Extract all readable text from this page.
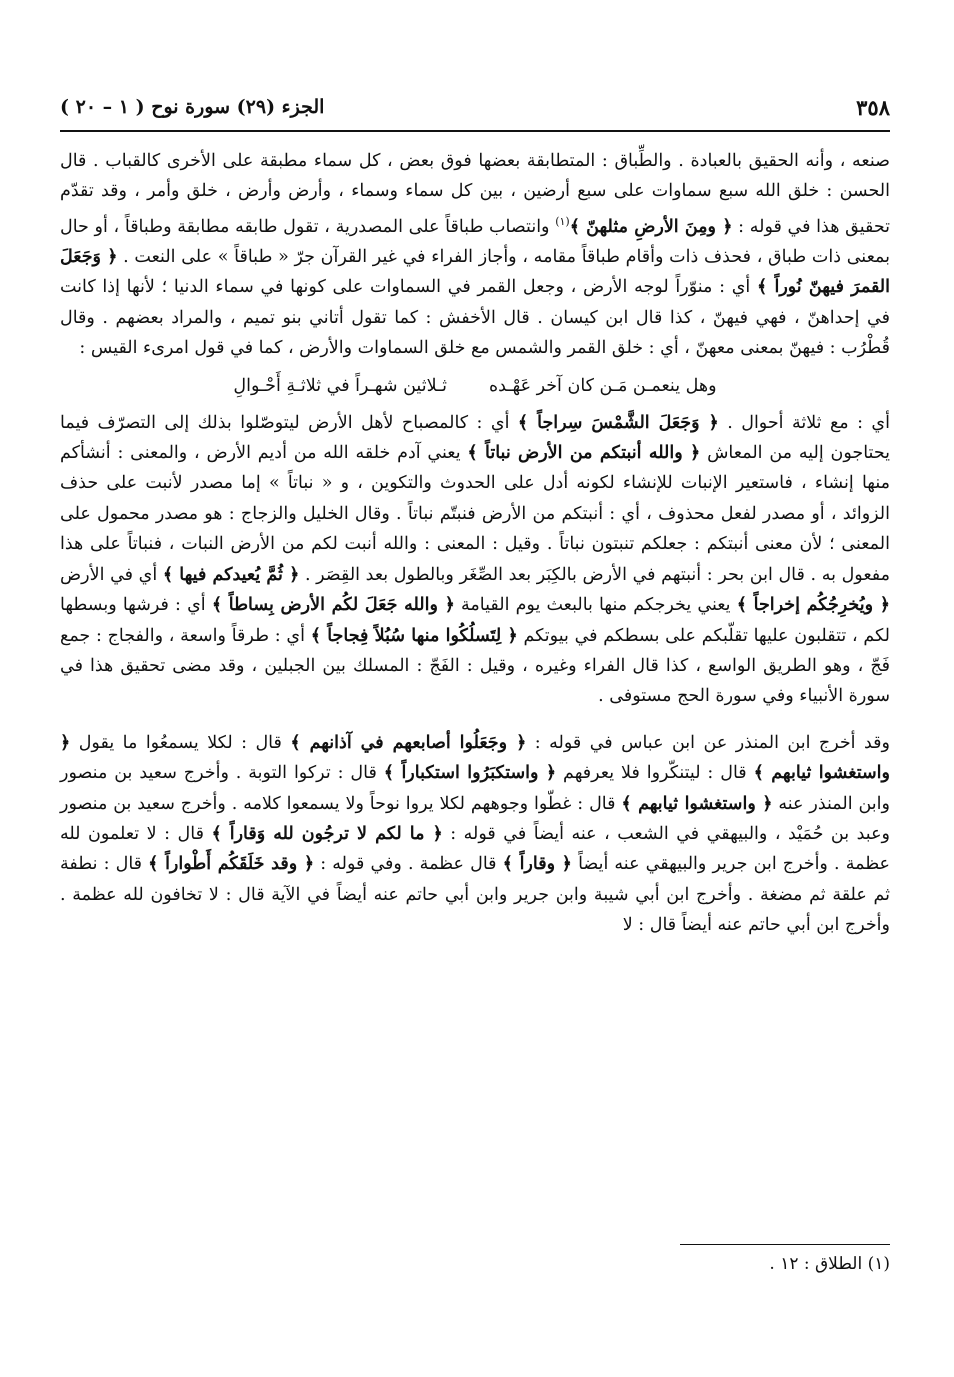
٣٥٨
الجزء (٢٩) سورة نوح ( ١ – ٢٠ )

صنعه ، وأنه الحقيق بالعبادة . والطِّباق : المتطابقة بعضها فوق بعض ، كل سماء مطبقة على الأخرى كالقباب . قال الحسن : خلق الله سبع سماوات على سبع أرضين ، بين كل سماء وسماء ، وأرض وأرض ، خلق وأمر ، وقد تقدّم تحقيق هذا في قوله : ﴿ ومِنَ الأرضِ مثلهنّ ﴾$^{(١)}$ وانتصاب طباقاً على المصدرية ، تقول طابقه مطابقة وطباقاً ، أو حال بمعنى ذات طباق ، فحذف ذات وأقام طباقاً مقامه ، وأجاز الفراء في غير القرآن جرّ « طباقاً » على النعت . ﴿ وَجَعَلَ القمرَ فيهنّ نُوراً ﴾ أي : منوّراً لوجه الأرض ، وجعل القمر في السماوات على كونها في سماء الدنيا ؛ لأنها إذا كانت في إحداهنّ ، فهي فيهنّ ، كذا قال ابن كيسان . قال الأخفش : كما تقول أتاني بنو تميم ، والمراد بعضهم . وقال قُطْرُب : فيهنّ بمعنى معهنّ ، أي : خلق القمر والشمس مع خلق السماوات والأرض ، كما في قول امرىء القيس :

وهل ينعمـن مَـن كان آخر عَهْـده
ثـلاثين شهـراً في ثلاثـةِ أَحْـوالِ

أي : مع ثلاثة أحوال . ﴿ وَجَعَلَ الشَّمْسَ سِراجاً ﴾ أي : كالمصباح لأهل الأرض ليتوصّلوا بذلك إلى التصرّف فيما يحتاجون إليه من المعاش ﴿ والله أنبتكم من الأرض نباتاً ﴾ يعني آدم خلقه الله من أديم الأرض ، والمعنى : أنشأكم منها إنشاء ، فاستعير الإنبات للإنشاء لكونه أدل على الحدوث والتكوين ، و « نباتاً » إما مصدر لأنبت على حذف الزوائد ، أو مصدر لفعل محذوف ، أي : أنبتكم من الأرض فنبتّم نباتاً . وقال الخليل والزجاج : هو مصدر محمول على المعنى ؛ لأن معنى أنبتكم : جعلكم تنبتون نباتاً . وقيل : المعنى : والله أنبت لكم من الأرض النبات ، فنباتاً على هذا مفعول به . قال ابن بحر : أنبتهم في الأرض بالكِبَر بعد الصِّغَر وبالطول بعد القِصَر . ﴿ ثُمَّ يُعيدكم فيها ﴾ أي في الأرض ﴿ ويُخرِجُكُم إخراجاً ﴾ يعني يخرجكم منها بالبعث يوم القيامة ﴿ والله جَعَلَ لكُم الأرض بِساطاً ﴾ أي : فرشها وبسطها لكم ، تتقلبون عليها تقلّبكم على بسطكم في بيوتكم ﴿ لِتَسلُكُوا منها سُبُلاً فِجاجاً ﴾ أي : طرقاً واسعة ، والفجاج : جمع فَجّ ، وهو الطريق الواسع ، كذا قال الفراء وغيره ، وقيل : الفَجّ : المسلك بين الجبلين ، وقد مضى تحقيق هذا في سورة الأنبياء وفي سورة الحج مستوفى .

وقد أخرج ابن المنذر عن ابن عباس في قوله : ﴿ وجَعَلُوا أصابعهم في آذانهم ﴾ قال : لكلا يسمعُوا ما يقول ﴿ واستغشوا ثيابهم ﴾ قال : ليتنكّروا فلا يعرفهم ﴿ واستكبَرُوا استكباراً ﴾ قال : تركوا التوبة . وأخرج سعيد بن منصور وابن المنذر عنه ﴿ واستغشوا ثيابهم ﴾ قال : غطّوا وجوههم لكلا يروا نوحاً ولا يسمعوا كلامه . وأخرج سعيد بن منصور وعبد بن حُمَيْد ، والبيهقي في الشعب ، عنه أيضاً في قوله : ﴿ ما لكم لا ترجُون لله وَقاراً ﴾ قال : لا تعلمون لله عظمة . وأخرج ابن جرير والبيهقي عنه أيضاً ﴿ وقاراً ﴾ قال عظمة . وفي قوله : ﴿ وقد خَلَقَكُم أَطْواراً ﴾ قال : نطفة ثم علقة ثم مضغة . وأخرج ابن أبي شيبة وابن جرير وابن أبي حاتم عنه أيضاً في الآية قال : لا تخافون لله عظمة . وأخرج ابن أبي حاتم عنه أيضاً قال : لا

(١) الطلاق : ١٢ .
